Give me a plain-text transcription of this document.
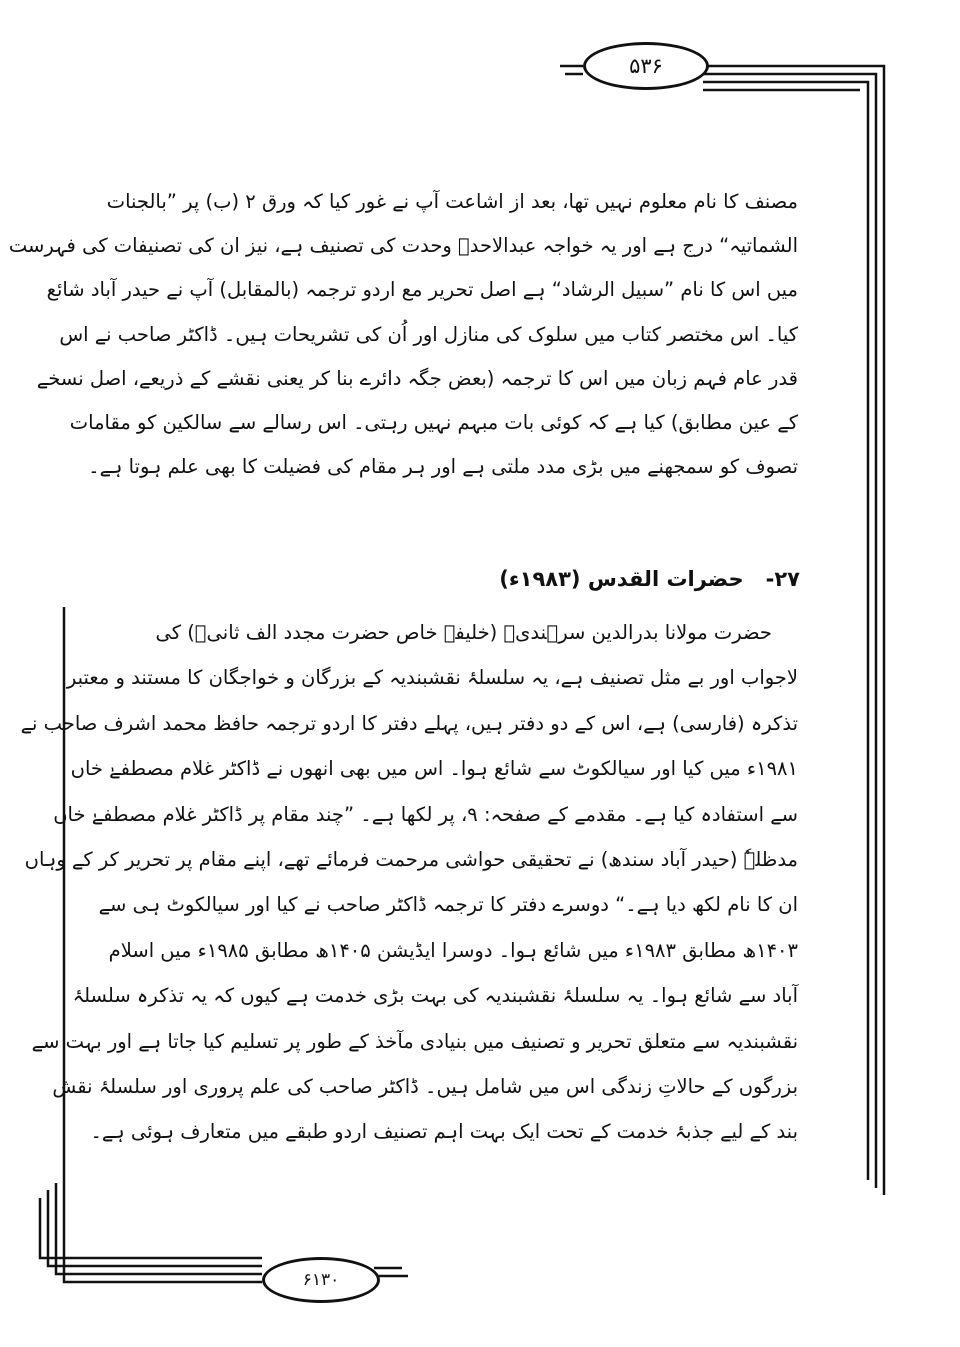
۵۳۶
مصنف کا نام معلوم نہیں تھا، بعد از اشاعت آپ نے غور کیا کہ ورق ۲ (ب) پر ”بالجنات
الشماتیہ“ درج ہے اور یہ خواجہ عبدالاحدؒ وحدت کی تصنیف ہے، نیز ان کی تصنیفات کی فہرست
میں اس کا نام ”سبیل الرشاد“ ہے اصل تحریر مع اردو ترجمہ (بالمقابل) آپ نے حیدر آباد شائع
کیا۔ اس مختصر کتاب میں سلوک کی منازل اور اُن کی تشریحات ہیں۔ ڈاکٹر صاحب نے اس
قدر عام فہم زبان میں اس کا ترجمہ (بعض جگہ دائرے بنا کر یعنی نقشے کے ذریعے، اصل نسخے
کے عین مطابق) کیا ہے کہ کوئی بات مبہم نہیں رہتی۔ اس رسالے سے سالکین کو مقامات
تصوف کو سمجھنے میں بڑی مدد ملتی ہے اور ہر مقام کی فضیلت کا بھی علم ہوتا ہے۔
۲۷-
حضرات القدس (۱۹۸۳ء)
حضرت مولانا بدرالدین سرہندیؒ (خلیفہ خاص حضرت مجدد الف ثانیؒ) کی
لاجواب اور بے مثل تصنیف ہے، یہ سلسلۂ نقشبندیہ کے بزرگان و خواجگان کا مستند و معتبر
تذکرہ (فارسی) ہے، اس کے دو دفتر ہیں، پہلے دفتر کا اردو ترجمہ حافظ محمد اشرف صاحب نے
۱۹۸۱ء میں کیا اور سیالکوٹ سے شائع ہوا۔ اس میں بھی انھوں نے ڈاکٹر غلام مصطفےٰ خاں
سے استفادہ کیا ہے۔ مقدمے کے صفحہ: ۹، پر لکھا ہے۔ ”چند مقام پر ڈاکٹر غلام مصطفےٰ خاں
مدظلہٗ (حیدر آباد سندھ) نے تحقیقی حواشی مرحمت فرمائے تھے، اپنے مقام پر تحریر کر کے وہاں
ان کا نام لکھ دیا ہے۔“ دوسرے دفتر کا ترجمہ ڈاکٹر صاحب نے کیا اور سیالکوٹ ہی سے
۱۴۰۳ھ مطابق ۱۹۸۳ء میں شائع ہوا۔ دوسرا ایڈیشن ۱۴۰۵ھ مطابق ۱۹۸۵ء میں اسلام
آباد سے شائع ہوا۔ یہ سلسلۂ نقشبندیہ کی بہت بڑی خدمت ہے کیوں کہ یہ تذکرہ سلسلۂ
نقشبندیہ سے متعلق تحریر و تصنیف میں بنیادی مآخذ کے طور پر تسلیم کیا جاتا ہے اور بہت سے
بزرگوں کے حالاتِ زندگی اس میں شامل ہیں۔ ڈاکٹر صاحب کی علم پروری اور سلسلۂ نقش
بند کے لیے جذبۂ خدمت کے تحت ایک بہت اہم تصنیف اردو طبقے میں متعارف ہوئی ہے۔
۶۱۳۰
